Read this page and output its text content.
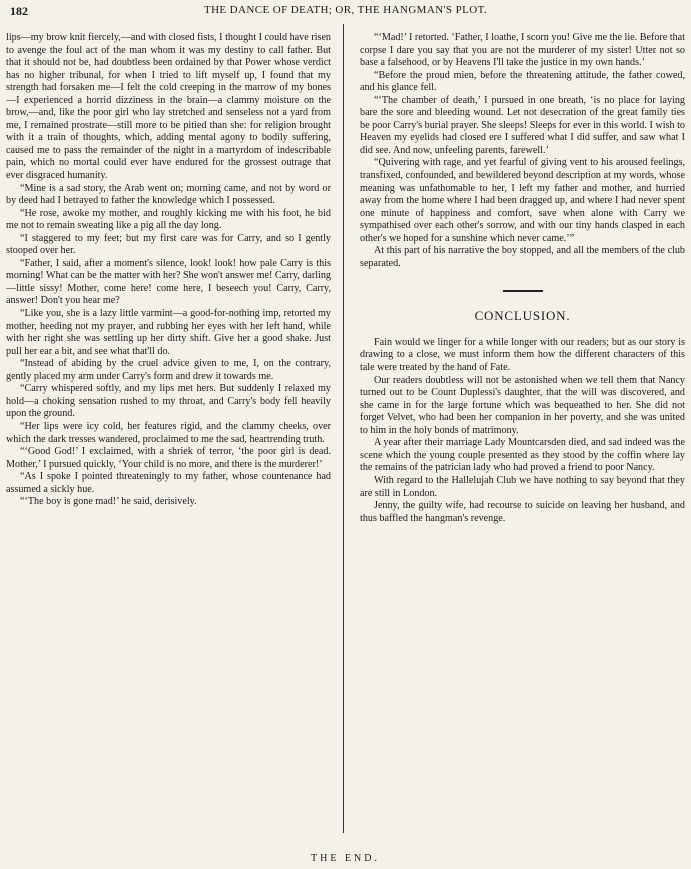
182	THE DANCE OF DEATH; OR, THE HANGMAN'S PLOT.

lips—my brow knit fiercely,—and with closed fists, I thought I could have risen to avenge the foul act of the man whom it was my destiny to call father. But that it should not be, had doubtless been ordained by that Power whose verdict has no higher tribunal, for when I tried to lift myself up, I found that my strength had forsaken me—I felt the cold creeping in the marrow of my bones—I experienced a horrid dizziness in the brain—a clammy moisture on the brow,—and, like the poor girl who lay stretched and senseless not a yard from me, I remained prostrate—still more to be pitied than she: for religion brought with it a train of thoughts, which, adding mental agony to bodily suffering, caused me to pass the remainder of the night in a martyrdom of indescribable pain, which no mortal could ever have endured for the grossest outrage that ever disgraced humanity.

“Mine is a sad story, the Arab went on; morning came, and not by word or by deed had I betrayed to father the knowledge which I possessed.

“He rose, awoke my mother, and roughly kicking me with his foot, he bid me not to remain sweating like a pig all the day long.

“I staggered to my feet; but my first care was for Carry, and so I gently stooped over her.

“Father, I said, after a moment's silence, look! look! how pale Carry is this morning! What can be the matter with her? She won't answer me! Carry, darling—little sissy! Mother, come here! come here, I beseech you! Carry, Carry, answer! Don't you hear me?

“Like you, she is a lazy little varmint—a good-for-nothing imp, retorted my mother, heeding not my prayer, and rubbing her eyes with her left hand, while with her right she was settling up her dirty shift. Give her a good shake. Just pull her ear a bit, and see what that'll do.

“Instead of abiding by the cruel advice given to me, I, on the contrary, gently placed my arm under Carry's form and drew it towards me.

“Carry whispered softly, and my lips met hers. But suddenly I relaxed my hold—a choking sensation rushed to my throat, and Carry's body fell heavily upon the ground.

“Her lips were icy cold, her features rigid, and the clammy cheeks, over which the dark tresses wandered, proclaimed to me the sad, heartrending truth.

“‘Good God!’ I exclaimed, with a shriek of terror, ‘the poor girl is dead. Mother,’ I pursued quickly, ‘Your child is no more, and there is the murderer!’

“As I spoke I pointed threateningly to my father, whose countenance had assumed a sickly hue.

“‘The boy is gone mad!’ he said, derisively.

“‘Mad!’ I retorted. ‘Father, I loathe, I scorn you! Give me the lie. Before that corpse I dare you say that you are not the murderer of my sister! Utter not so base a falsehood, or by Heavens I'll take the justice in my own hands.’

“Before the proud mien, before the threatening attitude, the father cowed, and his glance fell.

“‘The chamber of death,’ I pursued in one breath, ‘is no place for laying bare the sore and bleeding wound. Let not desecration of the great family ties be poor Carry's burial prayer. She sleeps! Sleeps for ever in this world. I wish to Heaven my eyelids had closed ere I suffered what I did suffer, and saw what I did see. And now, unfeeling parents, farewell.’

“Quivering with rage, and yet fearful of giving vent to his aroused feelings, transfixed, confounded, and bewildered beyond description at my words, whose meaning was unfathomable to her, I left my father and mother, and hurried away from the home where I had been dragged up, and where I had never spent one minute of happiness and comfort, save when alone with Carry we sympathised over each other's sorrow, and with our tiny hands clasped in each other's we hoped for a sunshine which never came.’”

At this part of his narrative the boy stopped, and all the members of the club separated.

CONCLUSION.

Fain would we linger for a while longer with our readers; but as our story is drawing to a close, we must inform them how the different characters of this tale were treated by the hand of Fate.

Our readers doubtless will not be astonished when we tell them that Nancy turned out to be Count Duplessi's daughter, that the will was discovered, and she came in for the large fortune which was bequeathed to her. She did not forget Velvet, who had been her companion in her poverty, and she was united to him in the holy bonds of matrimony.

A year after their marriage Lady Mountcarsden died, and sad indeed was the scene which the young couple presented as they stood by the coffin where lay the remains of the patrician lady who had proved a friend to poor Nancy.

With regard to the Hallelujah Club we have nothing to say beyond that they are still in London.

Jenny, the guilty wife, had recourse to suicide on leaving her husband, and thus baffled the hangman's revenge.

THE END.
